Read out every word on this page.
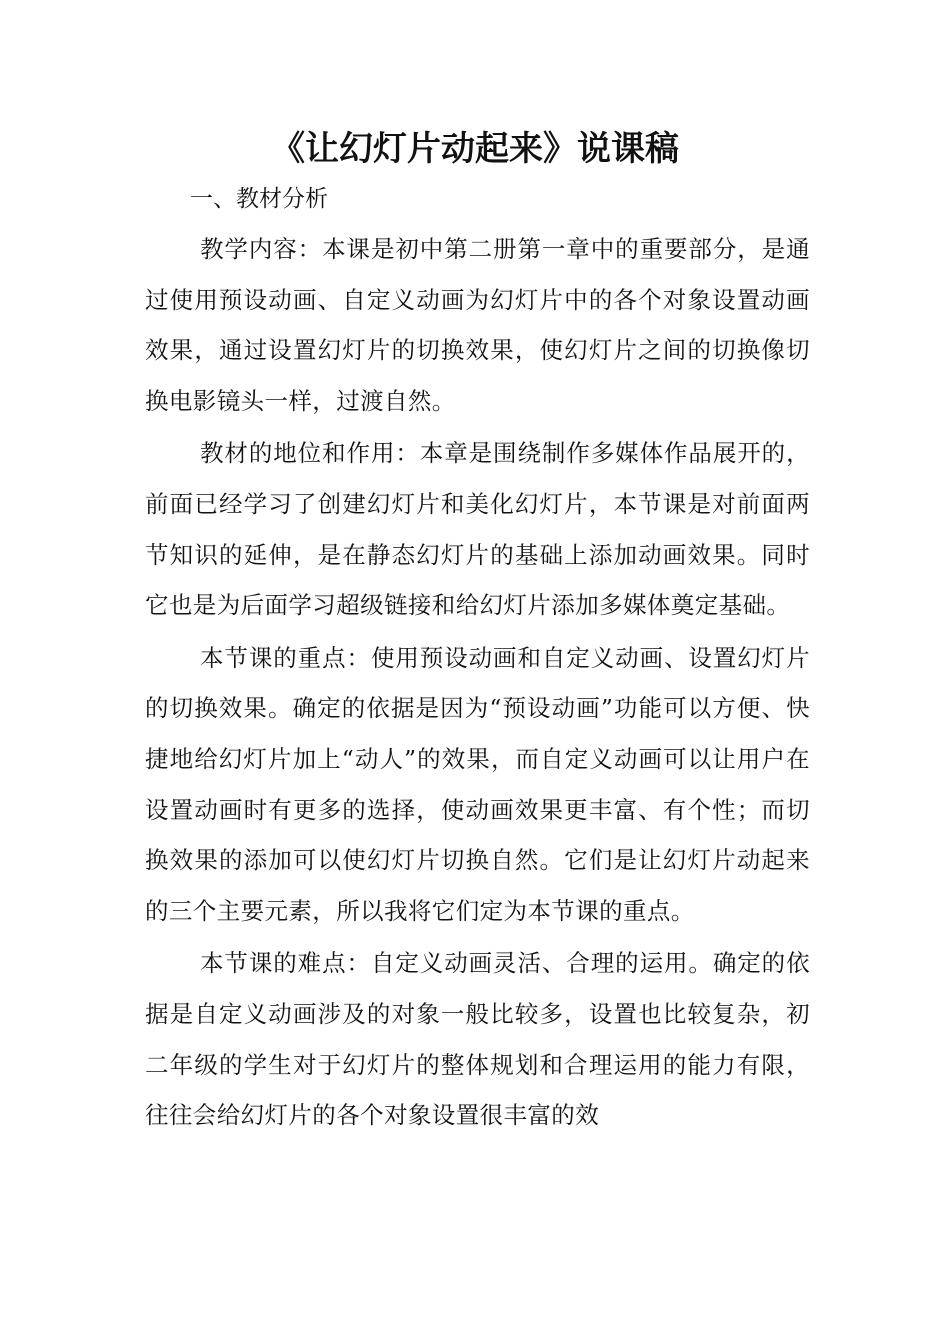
《让幻灯片动起来》说课稿
一、教材分析

教学内容：本课是初中第二册第一章中的重要部分，是通过使用预设动画、自定义动画为幻灯片中的各个对象设置动画效果，通过设置幻灯片的切换效果，使幻灯片之间的切换像切换电影镜头一样，过渡自然。

教材的地位和作用：本章是围绕制作多媒体作品展开的，前面已经学习了创建幻灯片和美化幻灯片，本节课是对前面两节知识的延伸，是在静态幻灯片的基础上添加动画效果。同时它也是为后面学习超级链接和给幻灯片添加多媒体奠定基础。

本节课的重点：使用预设动画和自定义动画、设置幻灯片的切换效果。确定的依据是因为“预设动画”功能可以方便、快捷地给幻灯片加上“动人”的效果，而自定义动画可以让用户在设置动画时有更多的选择，使动画效果更丰富、有个性；而切换效果的添加可以使幻灯片切换自然。它们是让幻灯片动起来的三个主要元素，所以我将它们定为本节课的重点。

本节课的难点：自定义动画灵活、合理的运用。确定的依据是自定义动画涉及的对象一般比较多，设置也比较复杂，初二年级的学生对于幻灯片的整体规划和合理运用的能力有限，往往会给幻灯片的各个对象设置很丰富的效
